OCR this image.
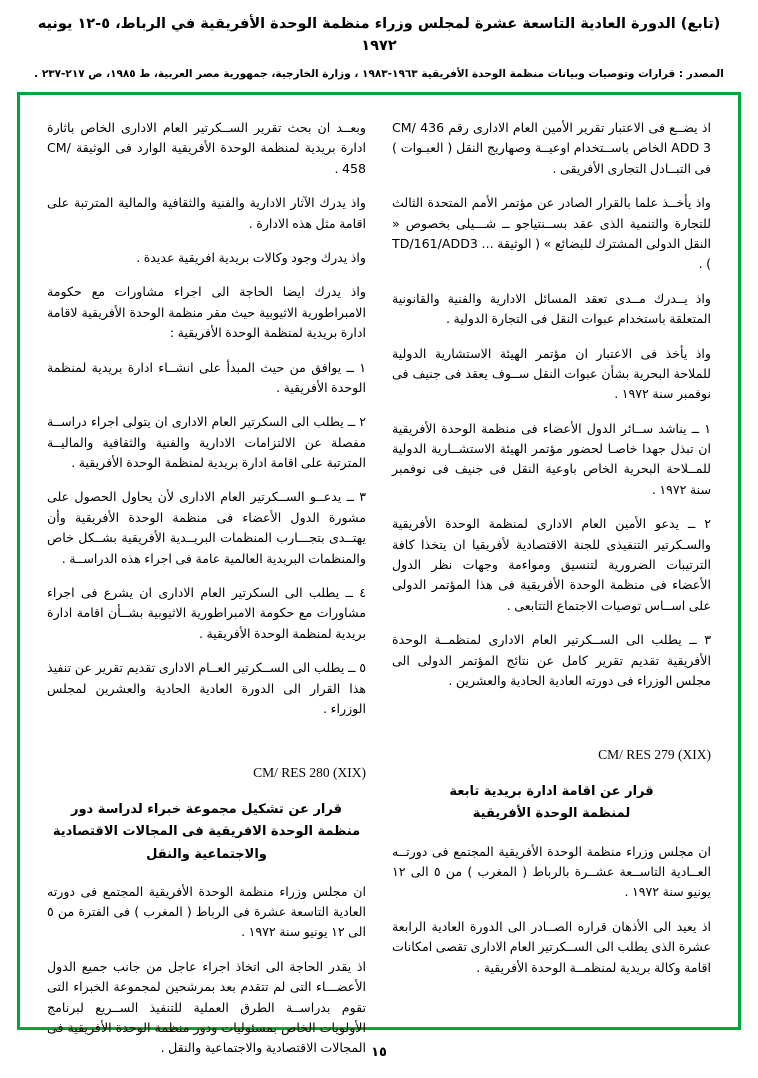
(تابع) الدورة العادية التاسعة عشرة لمجلس وزراء منظمة الوحدة الأفريقية في الرباط، ٥-١٢ يونيه ١٩٧٢
المصدر : قرارات وتوصيات وبيانات منظمة الوحدة الأفريقية ١٩٦٣-١٩٨٣ ، وزارة الخارجية، جمهورية مصر العربية، ط ١٩٨٥، ص ٢١٧-٢٣٧ .

اذ يضــع فى الاعتبار تقرير الأمين العام الادارى رقم CM/ 436 ADD 3 الخاص باســتخدام اوعيــة وصهاريج النقل ( العبـوات ) فى التبــادل التجارى الأفريقى .

واذ يأخــذ علما بالقرار الصادر عن مؤتمر الأمم المتحدة الثالث للتجارة والتنمية الذى عقد بســنتياجو ــ شـــيلى بخصوص « النقل الدولى المشترك للبضائع » ( الوثيقة ... TD/161/ADD3 ) .

واذ يــدرك مــدى تعقد المسائل الادارية والفنية والقانونية المتعلقة باستخدام عبوات النقل فى التجارة الدولية .

واذ يأخذ فى الاعتبار ان مؤتمر الهيئة الاستشارية الدولية للملاحة البحرية بشأن عبوات النقل ســوف يعقد فى جنيف فى نوفمبر سنة ١٩٧٢ .

١ ــ يناشد ســائر الدول الأعضاء فى منظمة الوحدة الأفريقية ان تبذل جهدا خاصـا لحضور مؤتمر الهيئة الاستشــارية الدولية للمــلاحة البحرية الخاص باوعية النقل فى جنيف فى نوفمبر سنة ١٩٧٢ .

٢ ــ يدعو الأمين العام الادارى لمنظمة الوحدة الأفريقية والسـكرتير التنفيذى للجنة الاقتصادية لأفريقيا ان يتخذا كافة الترتيبات الضرورية لتنسيق ومواءمة وجهات نظر الدول الأعضاء فى منظمة الوحدة الأفريقية فى هذا المؤتمر الدولى على اســاس توصيات الاجتماع التتابعى .

٣ ــ يطلب الى الســكرتير العام الادارى لمنظمــة الوحدة الأفريقية تقديم تقرير كامل عن نتائج المؤتمر الدولى الى مجلس الوزراء فى دورته العادية الحادية والعشرين .

CM/ RES 279 (XIX)
قرار عن اقامة ادارة بريدية تابعة
لمنظمة الوحدة الأفريقية

ان مجلس وزراء منظمة الوحدة الأفريقية المجتمع فى دورتــه العــادية التاســعة عشــرة بالرباط ( المغرب ) من ٥ الى ١٢ يونيو سنة ١٩٧٢ .

اذ يعيد الى الأذهان قراره الصــادر الى الدورة العادية الرابعة عشرة الذى يطلب الى الســكرتير العام الادارى تقصى امكانات اقامة وكالة بريدية لمنظمــة الوحدة الأفريقية .

وبعــد ان بحث تقرير الســكرتير العام الادارى الخاص باثارة ادارة بريدية لمنظمة الوحدة الأفريقية الوارد فى الوثيقة CM/ 458 .

واذ يدرك الآثار الادارية والفنية والثقافية والمالية المترتبة على اقامة مثل هذه الادارة .

واذ يدرك وجود وكالات بريدية افريقية عديدة .

واذ يدرك ايضا الحاجة الى اجراء مشاورات مع حكومة الامبراطورية الاثيوبية حيث مقر منظمة الوحدة الأفريقية لاقامة ادارة بريدية لمنظمة الوحدة الأفريقية :

١ ــ يوافق من حيث المبدأ على انشــاء ادارة بريدية لمنظمة الوحدة الأفريقية .

٢ ــ يطلب الى السكرتير العام الادارى ان يتولى اجراء دراســة مفصلة عن الالتزامات الادارية والفنية والثقافية والماليــة المترتبة على اقامة ادارة بريدية لمنظمة الوحدة الأفريقية .

٣ ــ يدعــو الســكرتير العام الادارى لأن يحاول الحصول على مشورة الدول الأعضاء فى منظمة الوحدة الأفريقية وأن يهتــدى بتجـــارب المنظمات البريــدية الأفريقية بشــكل خاص والمنظمات البريدية العالمية عامة فى اجراء هذه الدراســة .

٤ ــ يطلب الى السكرتير العام الادارى ان يشرع فى اجراء مشاورات مع حكومة الامبراطورية الاثيوبية بشــأن اقامة ادارة بريدية لمنظمة الوحدة الأفريقية .

٥ ــ يطلب الى الســكرتير العــام الادارى تقديم تقرير عن تنفيذ هذا القرار الى الدورة العادية الحادية والعشرين لمجلس الوزراء .

CM/ RES 280 (XIX)
قرار عن تشكيل مجموعة خبراء لدراسة دور
منظمة الوحدة الافريقية فى المجالات الاقتصادية
والاجتماعية والنقل

ان مجلس وزراء منظمة الوحدة الأفريقية المجتمع فى دورته العادية التاسعة عشرة فى الرباط ( المغرب ) فى الفترة من ٥ الى ١٢ يونيو سنة ١٩٧٢ .

اذ يقدر الحاجة الى اتخاذ اجراء عاجل من جانب جميع الدول الأعضـــاء التى لم تتقدم بعد بمرشحين لمجموعة الخبراء التى تقوم بدراســة الطرق العملية للتنفيذ الســريع لبرنامج الأولويات الخاص بمسئوليات ودور منظمة الوحدة الأفريقية فى المجالات الاقتصادية والاجتماعية والنقل . ١٥
